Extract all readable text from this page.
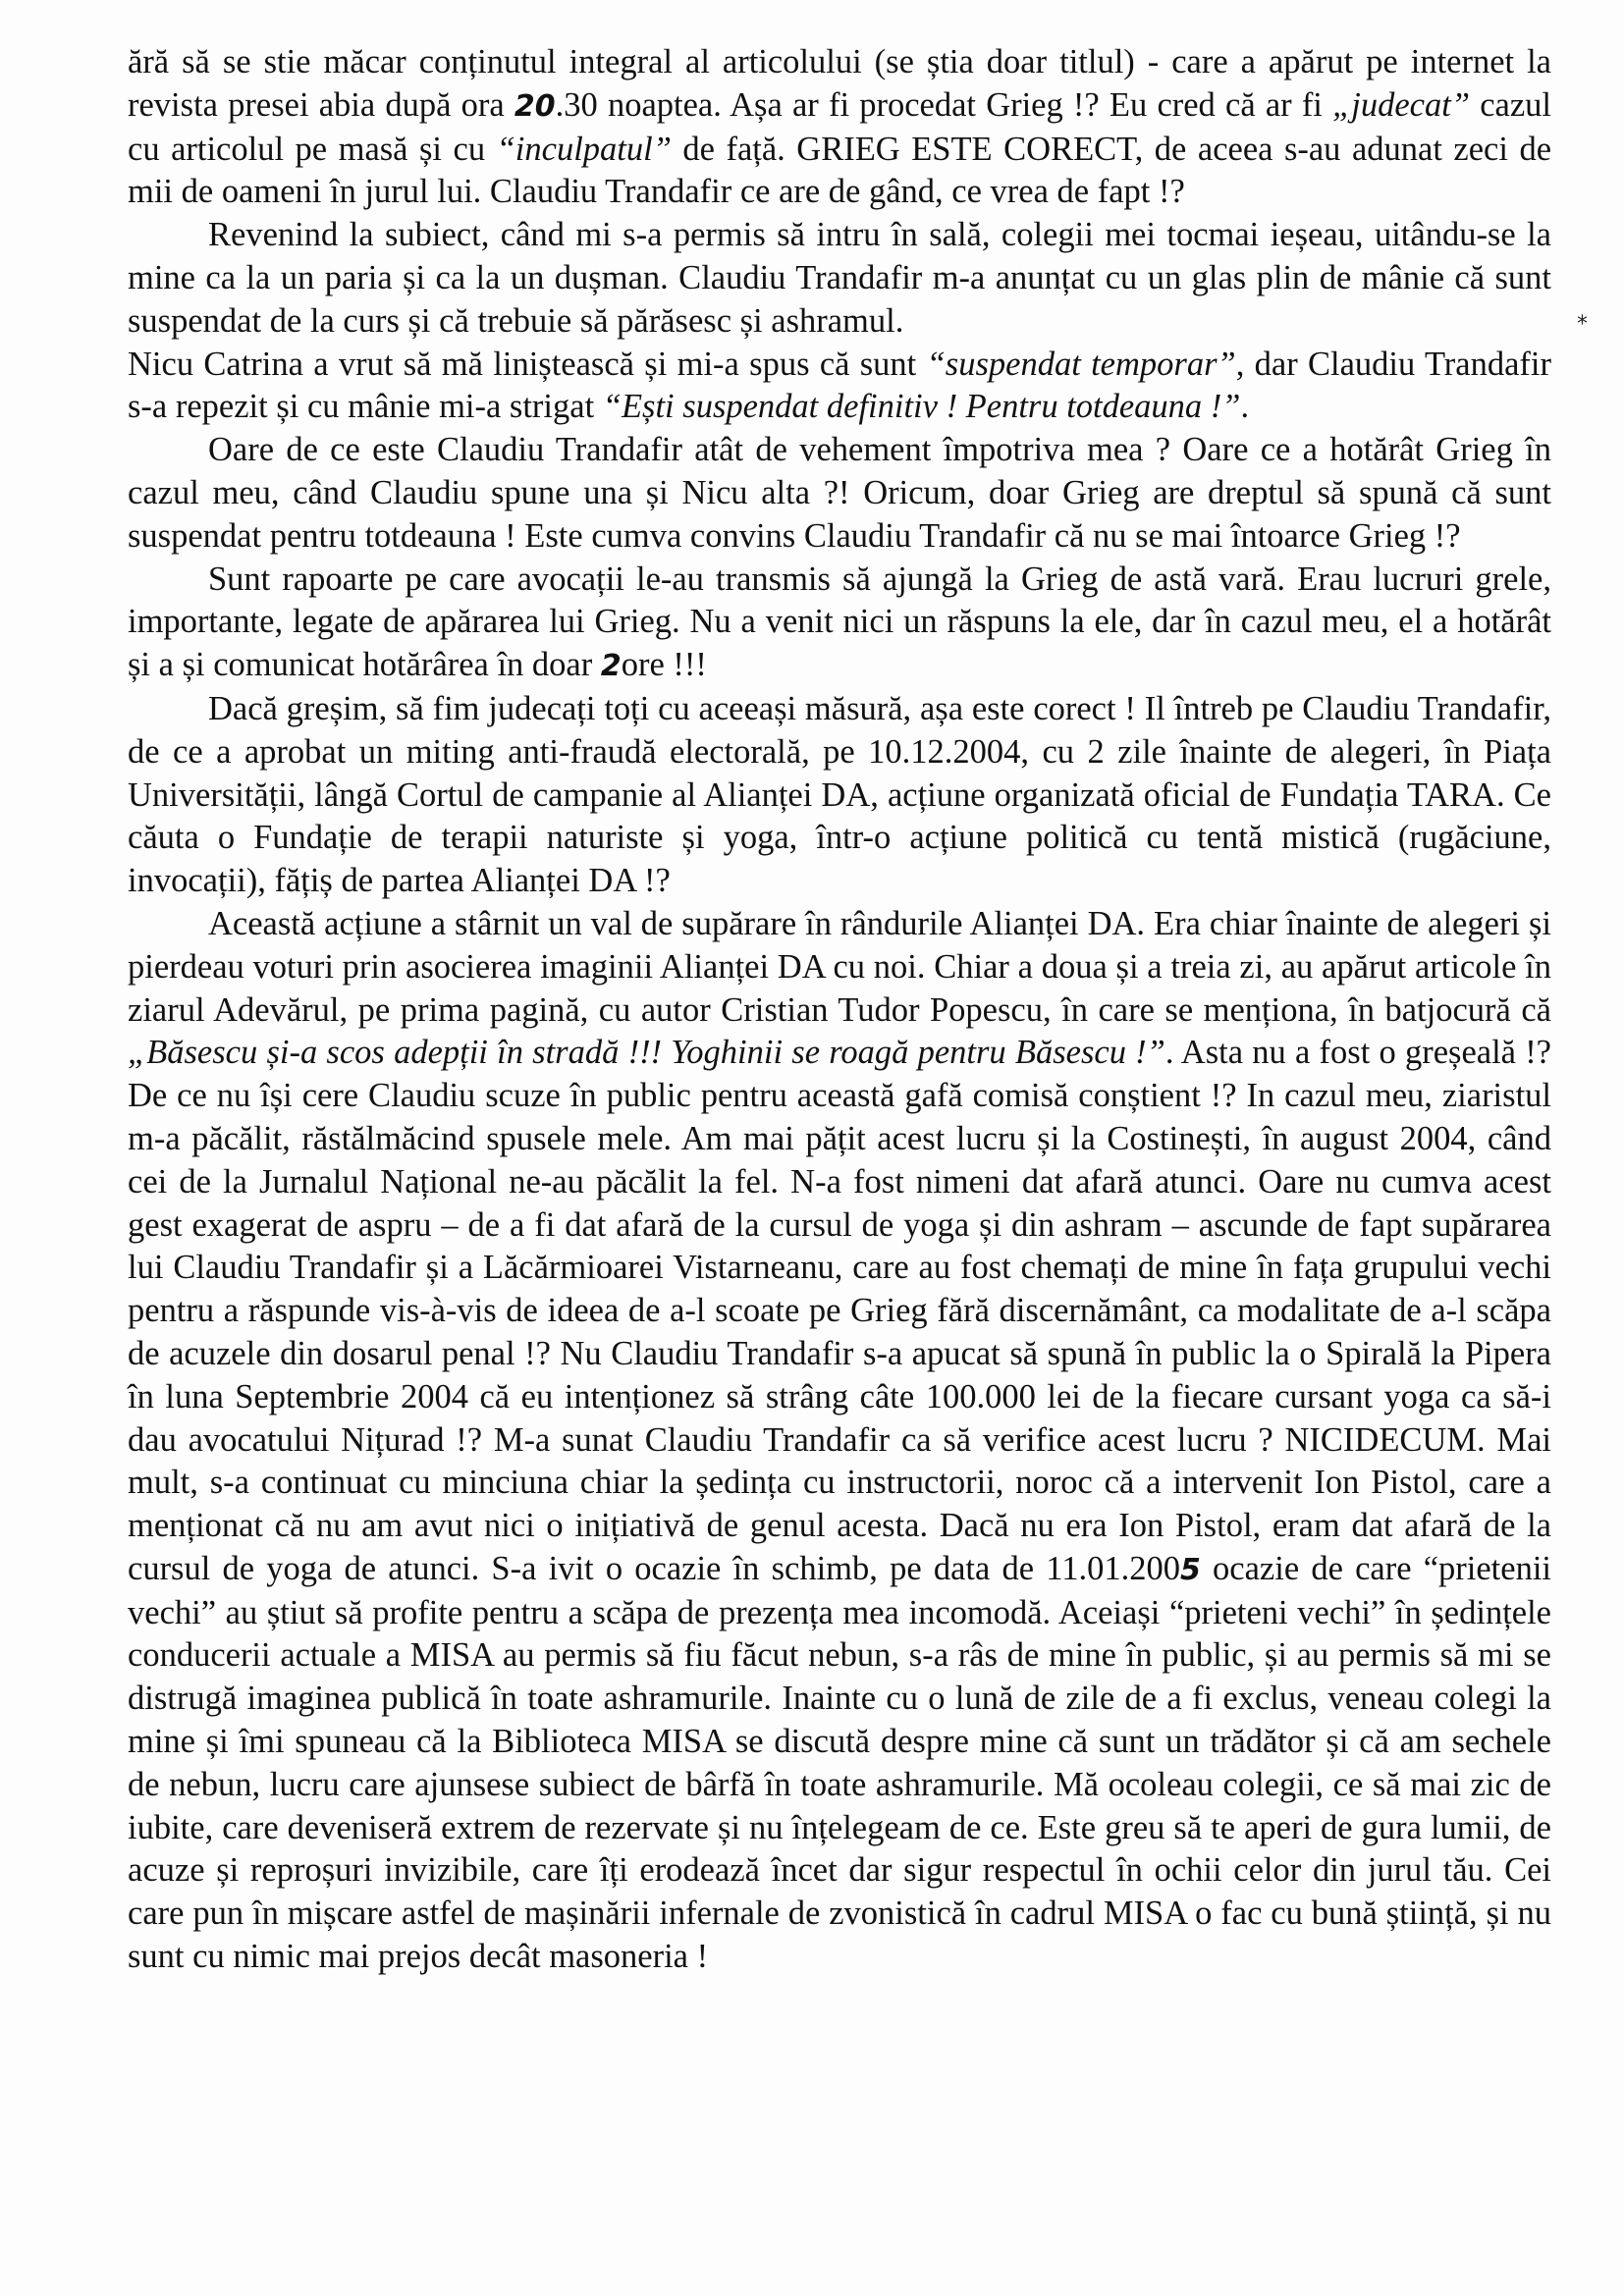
ără să se stie măcar conținutul integral al articolului (se știa doar titlul) - care a apărut pe internet la revista presei abia după ora 20.30 noaptea. Așa ar fi procedat Grieg !? Eu cred că ar fi „judecat” cazul cu articolul pe masă și cu “inculpatul” de față. GRIEG ESTE CORECT, de aceea s-au adunat zeci de mii de oameni în jurul lui. Claudiu Trandafir ce are de gând, ce vrea de fapt !?

Revenind la subiect, când mi s-a permis să intru în sală, colegii mei tocmai ieșeau, uitându-se la mine ca la un paria și ca la un dușman. Claudiu Trandafir m-a anunțat cu un glas plin de mânie că sunt suspendat de la curs și că trebuie să părăsesc și ashramul.

Nicu Catrina a vrut să mă liniștească și mi-a spus că sunt “suspendat temporar”, dar Claudiu Trandafir s-a repezit și cu mânie mi-a strigat “Ești suspendat definitiv ! Pentru totdeauna !”.

Oare de ce este Claudiu Trandafir atât de vehement împotriva mea ? Oare ce a hotărât Grieg în cazul meu, când Claudiu spune una și Nicu alta ?! Oricum, doar Grieg are dreptul să spună că sunt suspendat pentru totdeauna ! Este cumva convins Claudiu Trandafir că nu se mai întoarce Grieg !?

Sunt rapoarte pe care avocații le-au transmis să ajungă la Grieg de astă vară. Erau lucruri grele, importante, legate de apărarea lui Grieg. Nu a venit nici un răspuns la ele, dar în cazul meu, el a hotărât și a și comunicat hotărârea în doar 2ore !!!

Dacă greșim, să fim judecați toți cu aceeași măsură, așa este corect ! Il întreb pe Claudiu Trandafir, de ce a aprobat un miting anti-fraudă electorală, pe 10.12.2004, cu 2 zile înainte de alegeri, în Piața Universității, lângă Cortul de campanie al Alianței DA, acțiune organizată oficial de Fundația TARA. Ce căuta o Fundație de terapii naturiste și yoga, într-o acțiune politică cu tentă mistică (rugăciune, invocații), fățiș de partea Alianței DA !?

Această acțiune a stârnit un val de supărare în rândurile Alianței DA. Era chiar înainte de alegeri și pierdeau voturi prin asocierea imaginii Alianței DA cu noi. Chiar a doua și a treia zi, au apărut articole în ziarul Adevărul, pe prima pagină, cu autor Cristian Tudor Popescu, în care se menționa, în batjocură că „Băsescu și-a scos adepții în stradă !!! Yoghinii se roagă pentru Băsescu !”. Asta nu a fost o greșeală !? De ce nu își cere Claudiu scuze în public pentru această gafă comisă conștient !? In cazul meu, ziaristul m-a păcălit, răstălmăcind spusele mele. Am mai pățit acest lucru și la Costinești, în august 2004, când cei de la Jurnalul Național ne-au păcălit la fel. N-a fost nimeni dat afară atunci. Oare nu cumva acest gest exagerat de aspru – de a fi dat afară de la cursul de yoga și din ashram – ascunde de fapt supărarea lui Claudiu Trandafir și a Lăcărmioarei Vistarneanu, care au fost chemați de mine în fața grupului vechi pentru a răspunde vis-à-vis de ideea de a-l scoate pe Grieg fără discernământ, ca modalitate de a-l scăpa de acuzele din dosarul penal !? Nu Claudiu Trandafir s-a apucat să spună în public la o Spirală la Pipera în luna Septembrie 2004 că eu intenționez să strâng câte 100.000 lei de la fiecare cursant yoga ca să-i dau avocatului Nițurad !? M-a sunat Claudiu Trandafir ca să verifice acest lucru ? NICIDECUM. Mai mult, s-a continuat cu minciuna chiar la ședința cu instructorii, noroc că a intervenit Ion Pistol, care a menționat că nu am avut nici o inițiativă de genul acesta. Dacă nu era Ion Pistol, eram dat afară de la cursul de yoga de atunci. S-a ivit o ocazie în schimb, pe data de 11.01.2005 ocazie de care “prietenii vechi” au știut să profite pentru a scăpa de prezența mea incomodă. Aceiași “prieteni vechi” în ședințele conducerii actuale a MISA au permis să fiu făcut nebun, s-a râs de mine în public, și au permis să mi se distrugă imaginea publică în toate ashramurile. Inainte cu o lună de zile de a fi exclus, veneau colegi la mine și îmi spuneau că la Biblioteca MISA se discută despre mine că sunt un trădător și că am sechele de nebun, lucru care ajunsese subiect de bârfă în toate ashramurile. Mă ocoleau colegii, ce să mai zic de iubite, care deveniseră extrem de rezervate și nu înțelegeam de ce. Este greu să te aperi de gura lumii, de acuze și reproșuri invizibile, care îți erodează încet dar sigur respectul în ochii celor din jurul tău. Cei care pun în mișcare astfel de mașinării infernale de zvonistică în cadrul MISA o fac cu bună știință, și nu sunt cu nimic mai prejos decât masoneria !

*
